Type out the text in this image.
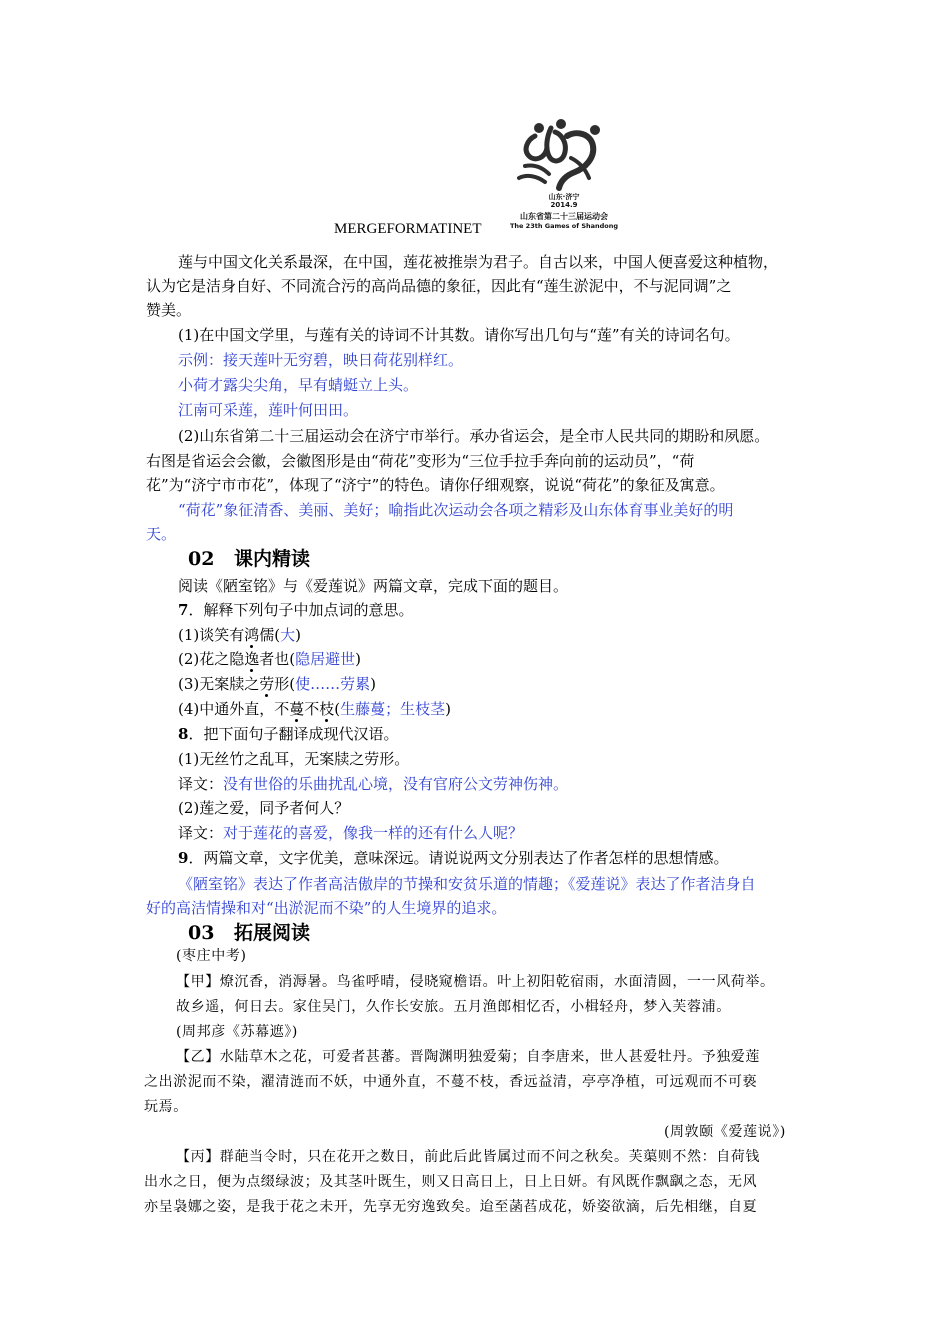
山东·济宁
2014.9
山东省第二十三届运动会
The 23th Games of Shandong
MERGEFORMATINET
莲与中国文化关系最深，在中国，莲花被推崇为君子。自古以来，中国人便喜爱这种植物，
认为它是洁身自好、不同流合污的高尚品德的象征，因此有“莲生淤泥中，不与泥同调”之
赞美。
(1)在中国文学里，与莲有关的诗词不计其数。请你写出几句与“莲”有关的诗词名句。
示例：接天莲叶无穷碧，映日荷花别样红。
小荷才露尖尖角，早有蜻蜓立上头。
江南可采莲，莲叶何田田。
(2)山东省第二十三届运动会在济宁市举行。承办省运会，是全市人民共同的期盼和夙愿。
右图是省运会会徽，会徽图形是由“荷花”变形为“三位手拉手奔向前的运动员”，“荷
花”为“济宁市市花”，体现了“济宁”的特色。请你仔细观察，说说“荷花”的象征及寓意。
“荷花”象征清香、美丽、美好；喻指此次运动会各项之精彩及山东体育事业美好的明
天。
02 课内精读
阅读《陋室铭》与《爱莲说》两篇文章，完成下面的题目。
7．解释下列句子中加点词的意思。
(1)谈笑有鸿儒(大)
(2)花之隐逸者也(隐居避世)
(3)无案牍之劳形(使……劳累)
(4)中通外直，不蔓不枝(生藤蔓；生枝茎)
8．把下面句子翻译成现代汉语。
(1)无丝竹之乱耳，无案牍之劳形。
译文：没有世俗的乐曲扰乱心境，没有官府公文劳神伤神。
(2)莲之爱，同予者何人？
译文：对于莲花的喜爱，像我一样的还有什么人呢？
9．两篇文章，文字优美，意味深远。请说说两文分别表达了作者怎样的思想情感。
《陋室铭》表达了作者高洁傲岸的节操和安贫乐道的情趣；《爱莲说》表达了作者洁身自
好的高洁情操和对“出淤泥而不染”的人生境界的追求。
03 拓展阅读
(枣庄中考)
【甲】燎沉香，消溽暑。鸟雀呼晴，侵晓窥檐语。叶上初阳乾宿雨，水面清圆，一一风荷举。
故乡遥，何日去。家住吴门，久作长安旅。五月渔郎相忆否，小楫轻舟，梦入芙蓉浦。
(周邦彦《苏幕遮》)
【乙】水陆草木之花，可爱者甚蕃。晋陶渊明独爱菊；自李唐来，世人甚爱牡丹。予独爱莲
之出淤泥而不染，濯清涟而不妖，中通外直，不蔓不枝，香远益清，亭亭净植，可远观而不可亵
玩焉。
(周敦颐《爱莲说》)
【丙】群葩当令时，只在花开之数日，前此后此皆属过而不问之秋矣。芙蕖则不然：自荷钱
出水之日，便为点缀绿波；及其茎叶既生，则又日高日上，日上日妍。有风既作飘飖之态，无风
亦呈袅娜之姿，是我于花之未开，先享无穷逸致矣。迨至菡萏成花，娇姿欲滴，后先相继，自夏
